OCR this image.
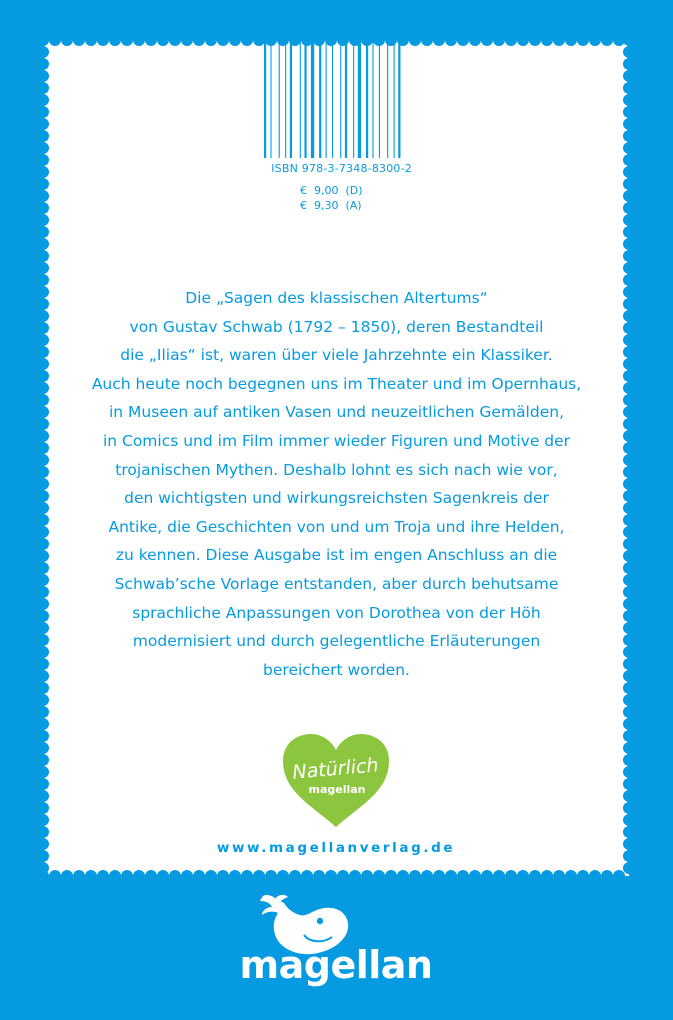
ISBN 978-3-7348-8300-2
€  9,00  (D)
€  9,30  (A)
Die „Sagen des klassischen Altertums“
von Gustav Schwab (1792 – 1850), deren Bestandteil
die „Ilias“ ist, waren über viele Jahrzehnte ein Klassiker.
Auch heute noch begegnen uns im Theater und im Opernhaus,
in Museen auf antiken Vasen und neuzeitlichen Gemälden,
in Comics und im Film immer wieder Figuren und Motive der
trojanischen Mythen. Deshalb lohnt es sich nach wie vor,
den wichtigsten und wirkungsreichsten Sagenkreis der
Antike, die Geschichten von und um Troja und ihre Helden,
zu kennen. Diese Ausgabe ist im engen Anschluss an die
Schwab’sche Vorlage entstanden, aber durch behutsame
sprachliche Anpassungen von Dorothea von der Höh
modernisiert und durch gelegentliche Erläuterungen
bereichert worden.
Natürlich
magellan
www.magellanverlag.de
magellan
